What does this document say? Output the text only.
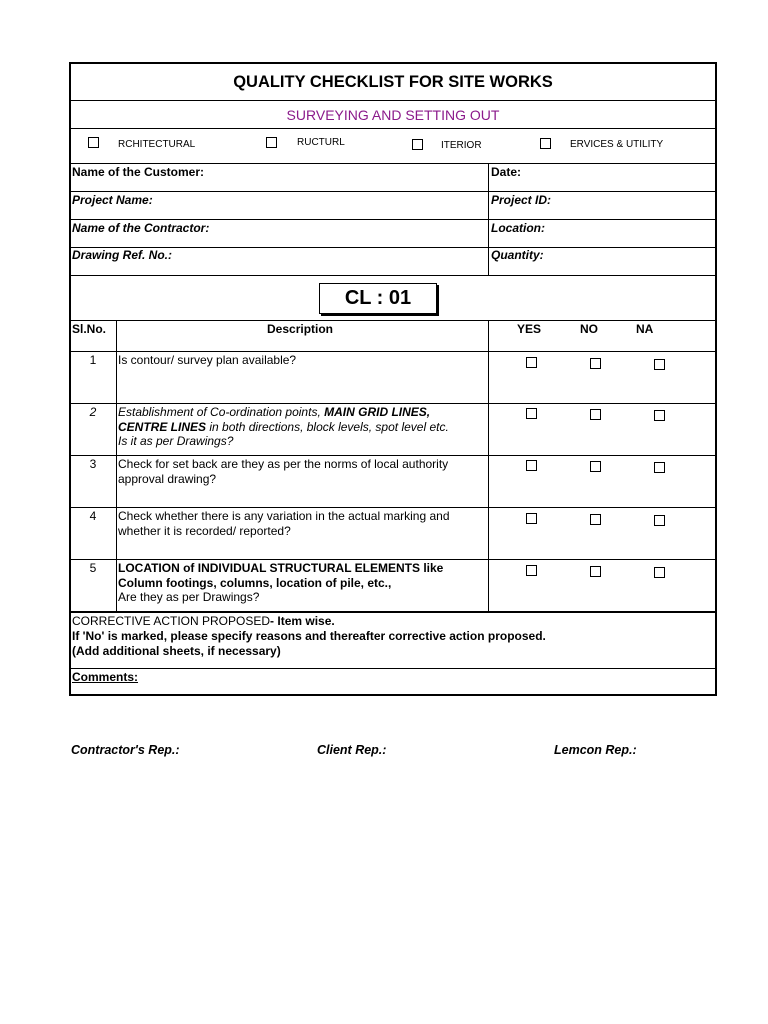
QUALITY CHECKLIST FOR SITE WORKS
SURVEYING AND SETTING OUT
RCHITECTURAL	RUCTURL	ITERIOR	ERVICES & UTILITY
Name of the Customer:	Date:
Project Name:	Project ID:
Name of the Contractor:	Location:
Drawing Ref. No.:	Quantity:
CL : 01
Sl.No.	Description	YES	NO	NA
1	Is contour/ survey plan available?
2	Establishment of Co-ordination points, MAIN GRID LINES,
CENTRE LINES in both directions, block levels, spot level etc.
Is it as per Drawings?
3	Check for set back are they as per the norms of local authority
approval drawing?
4	Check whether there is any variation in the actual marking and
whether it is recorded/ reported?
5	LOCATION of INDIVIDUAL STRUCTURAL ELEMENTS like
Column footings, columns, location of pile, etc.,
Are they as per Drawings?
CORRECTIVE ACTION PROPOSED- Item wise.
If 'No' is marked, please specify reasons and thereafter corrective action proposed.
(Add additional sheets, if necessary)
Comments:
Contractor's Rep.:	Client Rep.:	Lemcon Rep.:
